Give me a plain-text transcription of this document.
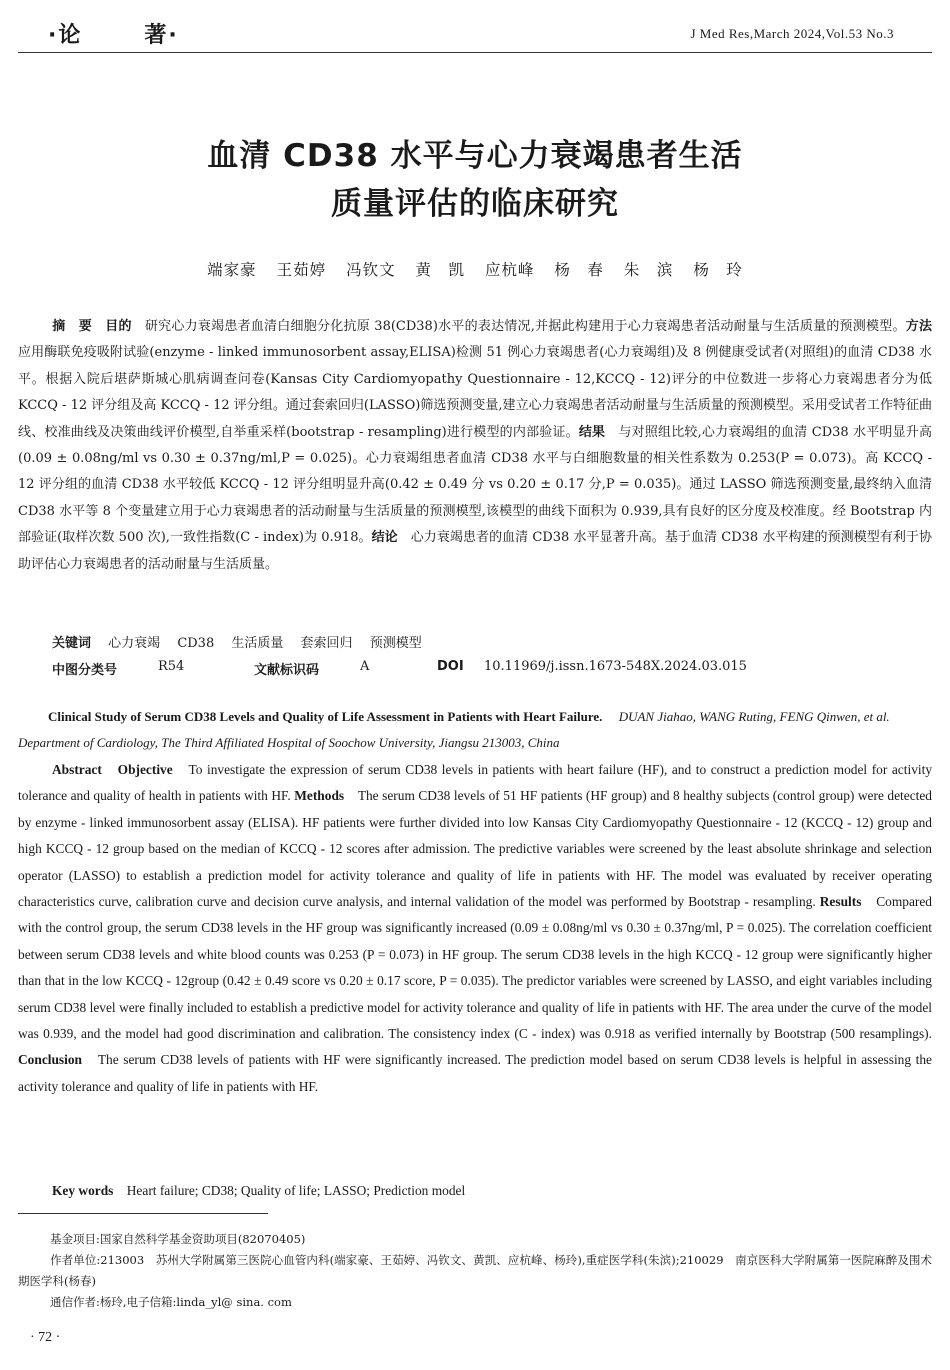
·论	著·	J Med Res,March 2024,Vol.53 No.3
血清 CD38 水平与心力衰竭患者生活
质量评估的临床研究
端家豪 王茹婷 冯钦文 黄　凯 应杭峰 杨　春 朱　滨 杨　玲
摘　要　 目的　 研究心力衰竭患者血清白细胞分化抗原 38(CD38)水平的表达情况,并据此构建用于心力衰竭患者活动耐量与生活质量的预测模型。方法　应用酶联免疫吸附试验(enzyme - linked immunosorbent assay,ELISA)检测 51 例心力衰竭患者(心力衰竭组)及 8 例健康受试者(对照组)的血清 CD38 水平。根据入院后堪萨斯城心肌病调查问卷(Kansas City Cardiomyopathy Questionnaire - 12,KCCQ - 12)评分的中位数进一步将心力衰竭患者分为低 KCCQ - 12 评分组及高 KCCQ - 12 评分组。通过套索回归(LASSO)筛选预测变量,建立心力衰竭患者活动耐量与生活质量的预测模型。采用受试者工作特征曲线、校准曲线及决策曲线评价模型,自举重采样(bootstrap - resampling)进行模型的内部验证。结果　 与对照组比较,心力衰竭组的血清 CD38 水平明显升高(0.09 ± 0.08ng/ml vs 0.30 ± 0.37ng/ml,P = 0.025)。心力衰竭组患者血清 CD38 水平与白细胞数量的相关性系数为 0.253(P = 0.073)。高 KCCQ - 12 评分组的血清 CD38 水平较低 KCCQ - 12 评分组明显升高(0.42 ± 0.49 分 vs 0.20 ± 0.17 分,P = 0.035)。通过 LASSO 筛选预测变量,最终纳入血清 CD38 水平等 8 个变量建立用于心力衰竭患者的活动耐量与生活质量的预测模型,该模型的曲线下面积为 0.939,具有良好的区分度及校准度。经 Bootstrap 内部验证(取样次数 500 次),一致性指数(C - index)为 0.918。结论　 心力衰竭患者的血清 CD38 水平显著升高。基于血清 CD38 水平构建的预测模型有利于协助评估心力衰竭患者的活动耐量与生活质量。
关键词　 心力衰竭　 CD38　 生活质量　 套索回归　 预测模型
中图分类号	R54	文献标识码	A	DOI 10.11969/j.issn.1673-548X.2024.03.015
Clinical Study of Serum CD38 Levels and Quality of Life Assessment in Patients with Heart Failure.　 DUAN Jiahao, WANG Ruting, FENG Qinwen, et al. Department of Cardiology, The Third Affiliated Hospital of Soochow University, Jiangsu 213003, China
Abstract　 Objective　 To investigate the expression of serum CD38 levels in patients with heart failure (HF), and to construct a prediction model for activity tolerance and quality of health in patients with HF. Methods　 The serum CD38 levels of 51 HF patients (HF group) and 8 healthy subjects (control group) were detected by enzyme - linked immunosorbent assay (ELISA). HF patients were further divided into low Kansas City Cardiomyopathy Questionnaire - 12 (KCCQ - 12) group and high KCCQ - 12 group based on the median of KCCQ - 12 scores after admission. The predictive variables were screened by the least absolute shrinkage and selection operator (LASSO) to establish a prediction model for activity tolerance and quality of life in patients with HF. The model was evaluated by receiver operating characteristics curve, calibration curve and decision curve analysis, and internal validation of the model was performed by Bootstrap - resampling. Results　 Compared with the control group, the serum CD38 levels in the HF group was significantly increased (0.09 ± 0.08ng/ml vs 0.30 ± 0.37ng/ml, P = 0.025). The correlation coefficient between serum CD38 levels and white blood counts was 0.253 (P = 0.073) in HF group. The serum CD38 levels in the high KCCQ - 12 group were significantly higher than that in the low KCCQ - 12group (0.42 ± 0.49 score vs 0.20 ± 0.17 score, P = 0.035). The predictor variables were screened by LASSO, and eight variables including serum CD38 level were finally included to establish a predictive model for activity tolerance and quality of life in patients with HF. The area under the curve of the model was 0.939, and the model had good discrimination and calibration. The consistency index (C - index) was 0.918 as verified internally by Bootstrap (500 resamplings). Conclusion　 The serum CD38 levels of patients with HF were significantly increased. The prediction model based on serum CD38 levels is helpful in assessing the activity tolerance and quality of life in patients with HF.
Key words　 Heart failure; CD38; Quality of life; LASSO; Prediction model

基金项目:国家自然科学基金资助项目(82070405)

作者单位:213003　苏州大学附属第三医院心血管内科(端家豪、王茹婷、冯钦文、黄凯、应杭峰、杨玲),重症医学科(朱滨);210029　南京医科大学附属第一医院麻醉及围术期医学科(杨春)

通信作者:杨玲,电子信箱:linda_yl@ sina. com

· 72 ·
